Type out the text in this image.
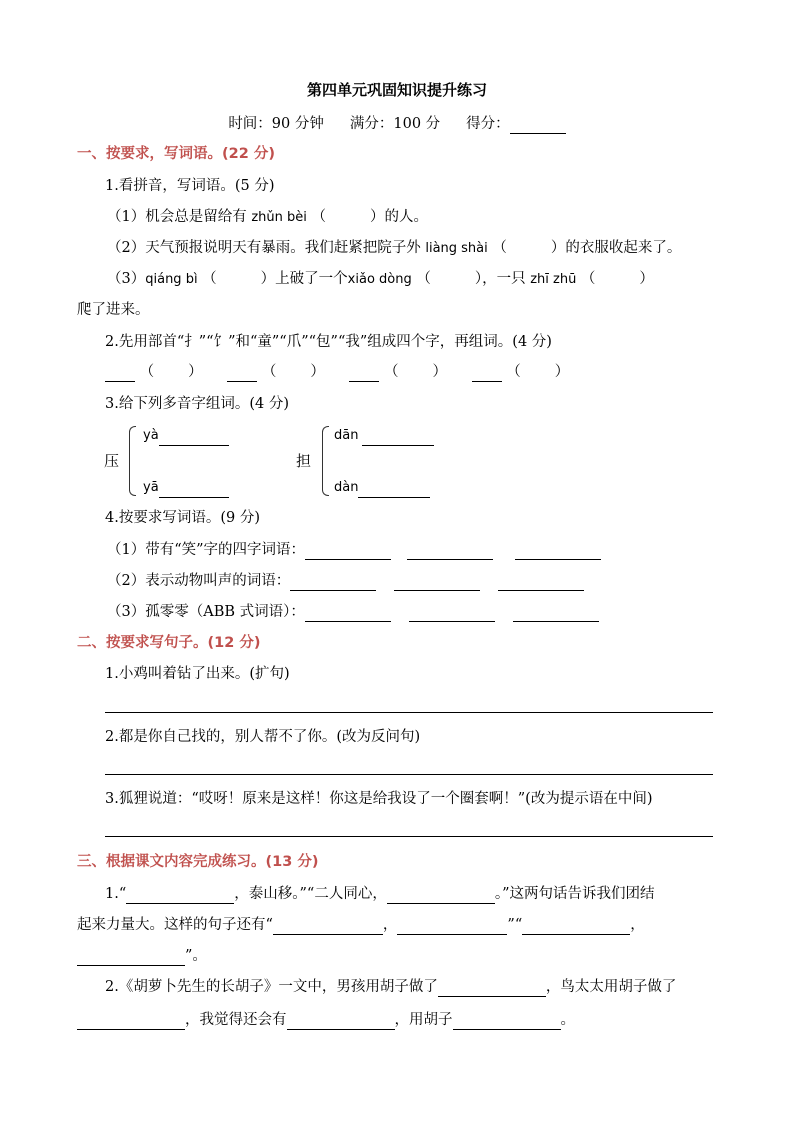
第四单元巩固知识提升练习
时间：90 分钟 满分：100 分 得分：
一、按要求，写词语。(22 分)
1.看拼音，写词语。(5 分)
（1）机会总是留给有 zhǔn bèi （	）的人。
（2）天气预报说明天有暴雨。我们赶紧把院子外 liàng shài （	）的衣服收起来了。
（3）qiáng bì （	）上破了一个xiǎo dòng （	），一只 zhī zhū （	）
爬了进来。
2.先用部首“扌”“饣”和“童”“爪”“包”“我”组成四个字，再组词。(4 分)
（ ）	（ ）	（ ）	（ ）
3.给下列多音字组词。(4 分)
压
yà
yā
担
dān
dàn
4.按要求写词语。(9 分)
（1）带有“笑”字的四字词语：
（2）表示动物叫声的词语：
（3）孤零零（ABB 式词语）：
二、按要求写句子。(12 分)
1.小鸡叫着钻了出来。(扩句)
2.都是你自己找的，别人帮不了你。(改为反问句)
3.狐狸说道：“哎呀！原来是这样！你这是给我设了一个圈套啊！”(改为提示语在中间)
三、根据课文内容完成练习。(13 分)
1.“	，泰山移。”“二人同心，	。”这两句话告诉我们团结
起来力量大。这样的句子还有“	，	”“	，
”。
2.《胡萝卜先生的长胡子》一文中，男孩用胡子做了	，鸟太太用胡子做了
，我觉得还会有	，用胡子	。
